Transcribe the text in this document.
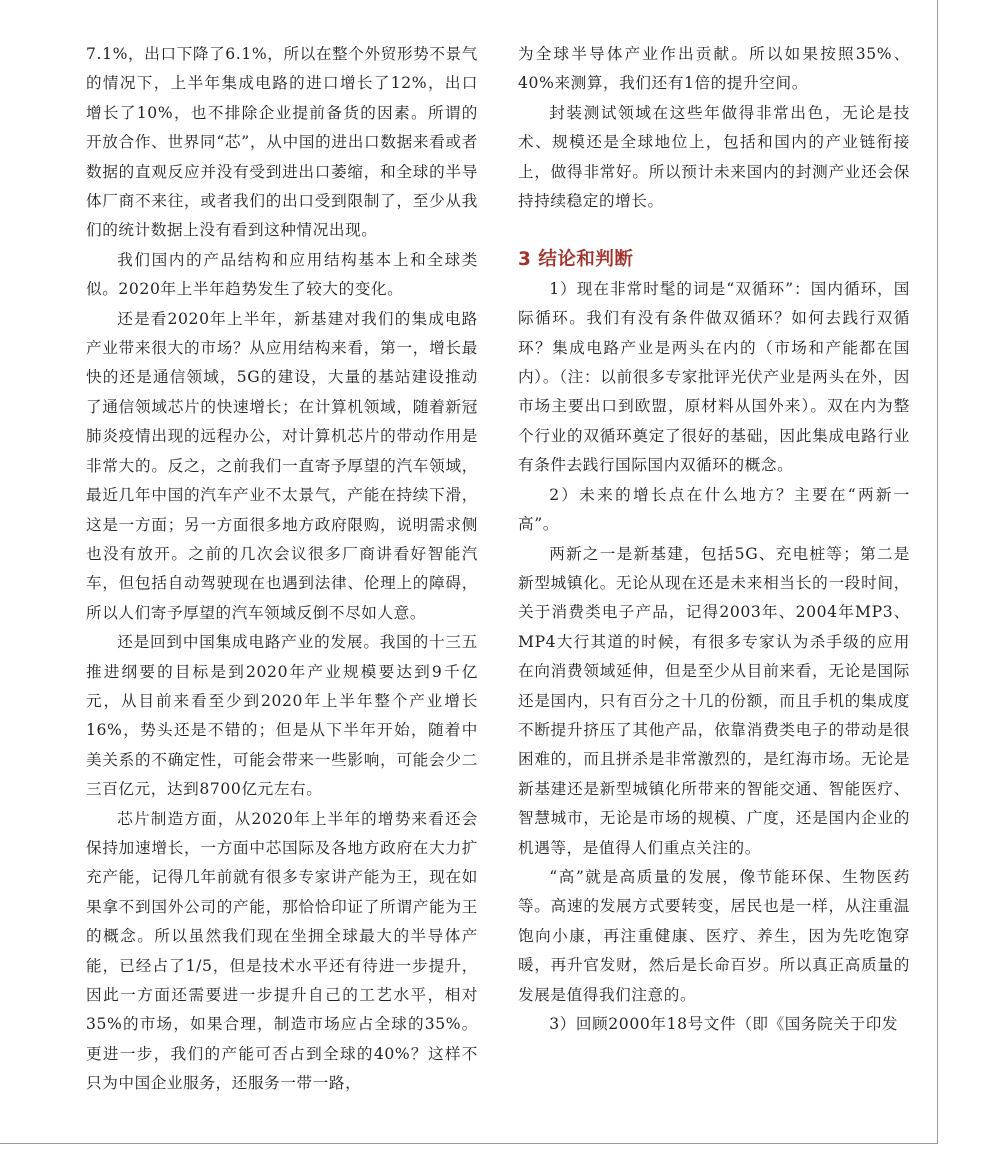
7.1%，出口下降了6.1%，所以在整个外贸形势不景气的情况下，上半年集成电路的进口增长了12%，出口增长了10%，也不排除企业提前备货的因素。所谓的开放合作、世界同“芯”，从中国的进出口数据来看或者数据的直观反应并没有受到进出口萎缩，和全球的半导体厂商不来往，或者我们的出口受到限制了，至少从我们的统计数据上没有看到这种情况出现。

我们国内的产品结构和应用结构基本上和全球类似。2020年上半年趋势发生了较大的变化。

还是看2020年上半年，新基建对我们的集成电路产业带来很大的市场？从应用结构来看，第一，增长最快的还是通信领域，5G的建设，大量的基站建设推动了通信领域芯片的快速增长；在计算机领域，随着新冠肺炎疫情出现的远程办公，对计算机芯片的带动作用是非常大的。反之，之前我们一直寄予厚望的汽车领域，最近几年中国的汽车产业不太景气，产能在持续下滑，这是一方面；另一方面很多地方政府限购，说明需求侧也没有放开。之前的几次会议很多厂商讲看好智能汽车，但包括自动驾驶现在也遇到法律、伦理上的障碍，所以人们寄予厚望的汽车领域反倒不尽如人意。

还是回到中国集成电路产业的发展。我国的十三五推进纲要的目标是到2020年产业规模要达到9千亿元，从目前来看至少到2020年上半年整个产业增长16%，势头还是不错的；但是从下半年开始，随着中美关系的不确定性，可能会带来一些影响，可能会少二三百亿元，达到8700亿元左右。

芯片制造方面，从2020年上半年的增势来看还会保持加速增长，一方面中芯国际及各地方政府在大力扩充产能，记得几年前就有很多专家讲产能为王，现在如果拿不到国外公司的产能，那恰恰印证了所谓产能为王的概念。所以虽然我们现在坐拥全球最大的半导体产能，已经占了1/5，但是技术水平还有待进一步提升，因此一方面还需要进一步提升自己的工艺水平，相对35%的市场，如果合理，制造市场应占全球的35%。更进一步，我们的产能可否占到全球的40%？这样不只为中国企业服务，还服务一带一路，

为全球半导体产业作出贡献。所以如果按照35%、40%来测算，我们还有1倍的提升空间。

封装测试领域在这些年做得非常出色，无论是技术、规模还是全球地位上，包括和国内的产业链衔接上，做得非常好。所以预计未来国内的封测产业还会保持持续稳定的增长。

3 结论和判断

1）现在非常时髦的词是“双循环”：国内循环，国际循环。我们有没有条件做双循环？如何去践行双循环？集成电路产业是两头在内的（市场和产能都在国内）。（注：以前很多专家批评光伏产业是两头在外，因市场主要出口到欧盟，原材料从国外来）。双在内为整个行业的双循环奠定了很好的基础，因此集成电路行业有条件去践行国际国内双循环的概念。

2）未来的增长点在什么地方？主要在“两新一高”。

两新之一是新基建，包括5G、充电桩等；第二是新型城镇化。无论从现在还是未来相当长的一段时间，关于消费类电子产品，记得2003年、2004年MP3、MP4大行其道的时候，有很多专家认为杀手级的应用在向消费领域延伸，但是至少从目前来看，无论是国际还是国内，只有百分之十几的份额，而且手机的集成度不断提升挤压了其他产品，依靠消费类电子的带动是很困难的，而且拼杀是非常激烈的，是红海市场。无论是新基建还是新型城镇化所带来的智能交通、智能医疗、智慧城市，无论是市场的规模、广度，还是国内企业的机遇等，是值得人们重点关注的。

“高”就是高质量的发展，像节能环保、生物医药等。高速的发展方式要转变，居民也是一样，从注重温饱向小康，再注重健康、医疗、养生，因为先吃饱穿暖，再升官发财，然后是长命百岁。所以真正高质量的发展是值得我们注意的。

3）回顾2000年18号文件（即《国务院关于印发
